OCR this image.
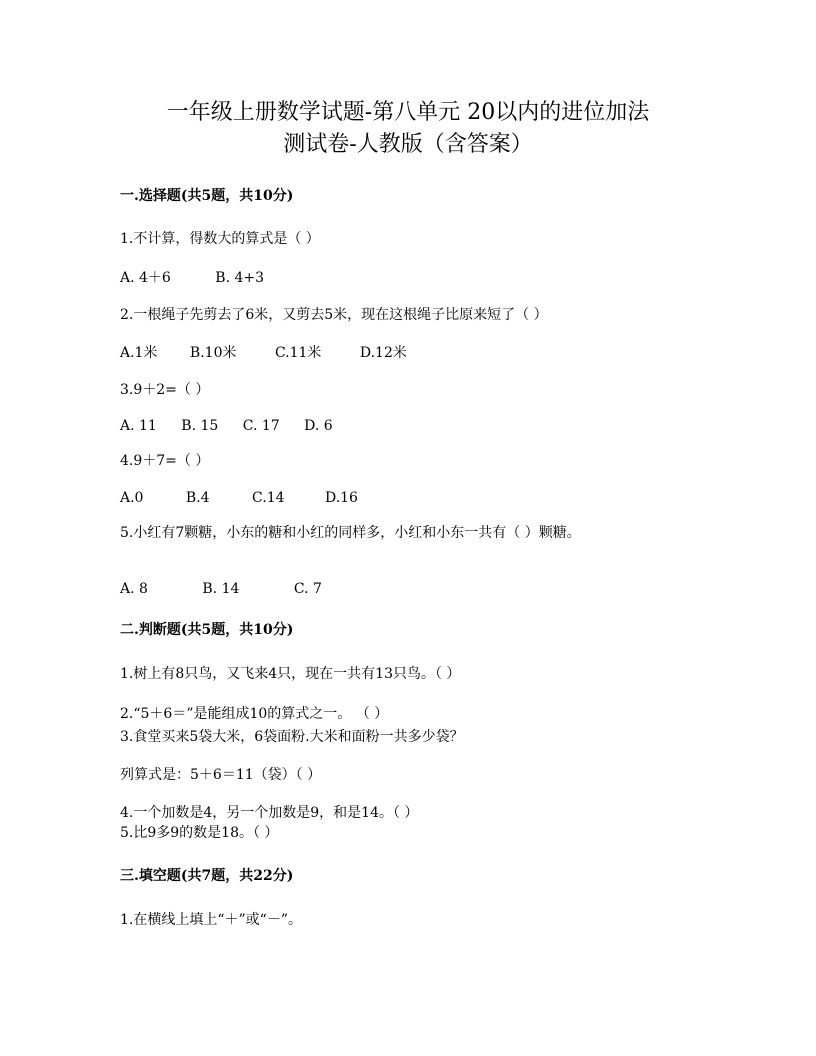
一年级上册数学试题-第八单元 20以内的进位加法
测试卷-人教版（含答案）
一.选择题(共5题，共10分)
1.不计算，得数大的算式是（ ）
A. 4＋6	B. 4+3
2.一根绳子先剪去了6米，又剪去5米，现在这根绳子比原来短了（ ）
A.1米 B.10米	C.11米	D.12米
3.9＋2=（ ）
A. 11 B. 15 C. 17 D. 6
4.9＋7=（ ）
A.0	B.4	C.14	D.16
5.小红有7颗糖，小东的糖和小红的同样多，小红和小东一共有（ ）颗糖。
A. 8	B. 14	C. 7
二.判断题(共5题，共10分)
1.树上有8只鸟，又飞来4只，现在一共有13只鸟。（ ）
2.“5＋6＝”是能组成10的算式之一。 （ ）
3.食堂买来5袋大米，6袋面粉.大米和面粉一共多少袋？
列算式是：5＋6＝11（袋）（ ）
4.一个加数是4，另一个加数是9，和是14。（ ）
5.比9多9的数是18。（ ）
三.填空题(共7题，共22分)
1.在横线上填上“＋”或“－”。
